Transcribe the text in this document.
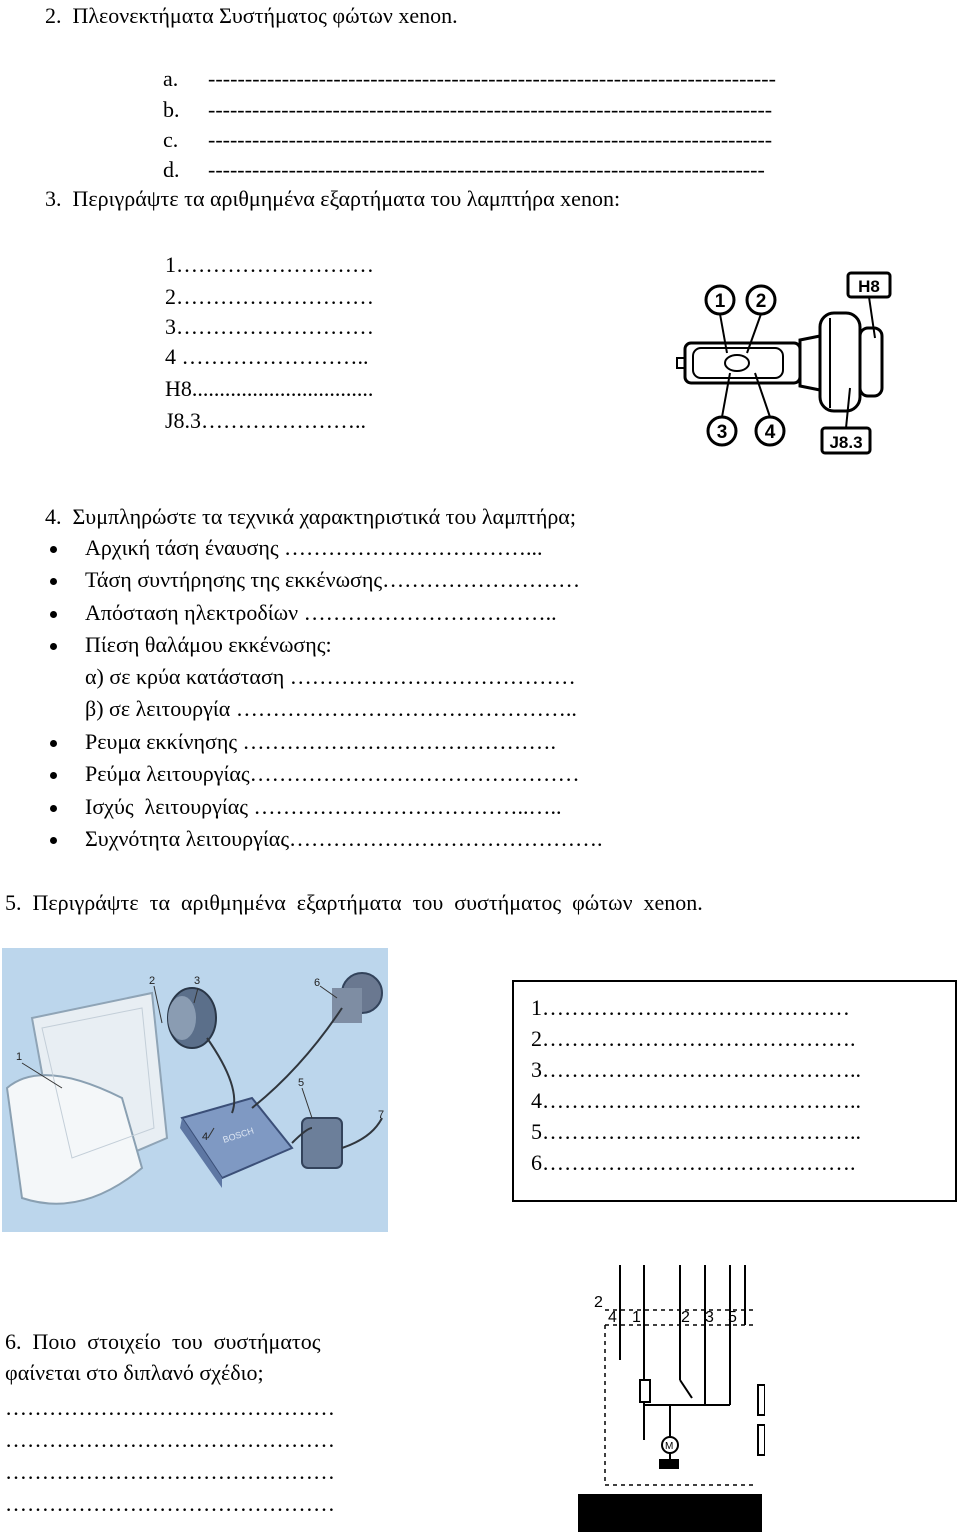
2.  Πλεονεκτήματα Συστήματος φώτων xenon.
a. -----------------------------------------------------------------------------
b. -----------------------------------------------------------------------------
c. -----------------------------------------------------------------------------
d. ----------------------------------------------------------------------------
3.  Περιγράψτε τα αριθμημένα εξαρτήματα του λαμπτήρα xenon:
1………………………
2………………………
3………………………
4 ……………………..
H8.................................
J8.3…………………..
H8
J8.3
1 2
3 4
4.  Συμπληρώστε τα τεχνικά χαρακτηριστικά του λαμπτήρα;
Αρχική τάση έναυσης ……………………………...
Τάση συντήρησης της εκκένωσης………………………
Απόσταση ηλεκτροδίων ……………………………..
Πίεση θαλάμου εκκένωσης:
α) σε κρύα κατάσταση …………………………………
β) σε λειτουργία ………………………………………..
Ρευμα εκκίνησης …………………………………….
Ρεύμα λειτουργίας………………………………………
Ισχύς  λειτουργίας ………………………………..…..
Συχνότητα λειτουργίας…………………………………….
5.  Περιγράψτε  τα  αριθμημένα  εξαρτήματα  του  συστήματος  φώτων  xenon.
1
2	3
4
5
6
7
BOSCH
1……………………………………
2…………………………………….
3……………………………………..
4……………………………………..
5……………………………………..
6…………………………………….
6.  Ποιο  στοιχείο  του  συστήματος
φαίνεται στο διπλανό σχέδιο;
………………………………………
………………………………………
………………………………………
………………………………………
2
4 1	2 3 5
M
